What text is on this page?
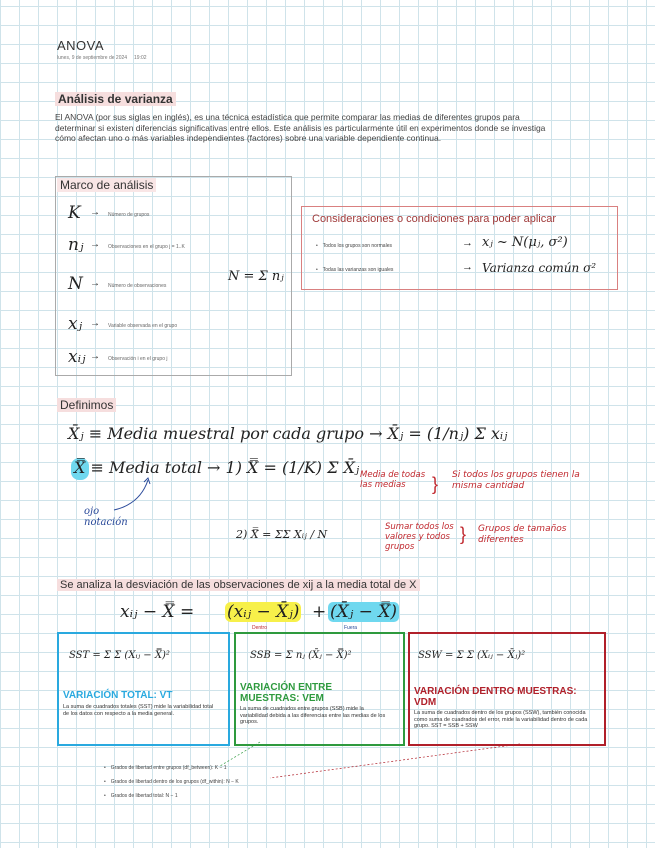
ANOVA
lunes, 9 de septiembre de 2024 19:02
Análisis de varianza
El ANOVA (por sus siglas en inglés), es una técnica estadística que permite comparar las medias de diferentes grupos para determinar si existen diferencias significativas entre ellos. Este análisis es particularmente útil en experimentos donde se investiga cómo afectan uno o más variables independientes (factores) sobre una variable dependiente continua.
Marco de análisis
K → Número de grupos
nⱼ → Observaciones en el grupo j = 1..K
N → Número de observaciones
N = Σ nⱼ
xⱼ → Variable observada en el grupo
xᵢⱼ → Observación i en el grupo j
Consideraciones o condiciones para poder aplicar
• Todos los grupos son normales	→ xⱼ ~ N(μⱼ, σ²)
• Todas las varianzas son iguales	→ Varianza común σ²
Definimos
X̄ⱼ ≡ Media muestral por cada grupo → X̄ⱼ = (1/nⱼ) Σ xᵢⱼ
X̿ ≡ Media total → 1) X̿ = (1/K) Σ X̄ⱼ Media de todas las medias	} Si todos los grupos tienen la misma cantidad
ojo notación
2) X̿ = ΣΣ Xᵢⱼ / N
Sumar todos los valores y todos grupos
} Grupos de tamaños diferentes
Se analiza la desviación de las observaciones de xij a la media total de X
xᵢⱼ − X̿ = (xᵢⱼ − X̄ⱼ) + (X̄ⱼ − X̿)
Dentro	Fuera
SST = Σ Σ (Xᵢⱼ − X̿)²
VARIACIÓN TOTAL: VT
La suma de cuadrados totales (SST) mide la variabilidad total de los datos con respecto a la media general.
SSB = Σ nⱼ (X̄ⱼ − X̿)²
VARIACIÓN ENTRE MUESTRAS: VEM
La suma de cuadrados entre grupos (SSB) mide la variabilidad debida a las diferencias entre las medias de los grupos.
SSW = Σ Σ (Xᵢⱼ − X̄ⱼ)²
VARIACIÓN DENTRO MUESTRAS: VDM
La suma de cuadrados dentro de los grupos (SSW), también conocida como suma de cuadrados del error, mide la variabilidad dentro de cada grupo. SST = SSB + SSW
• Grados de libertad entre grupos (df_between): K − 1
• Grados de libertad dentro de los grupos (df_within): N − K
• Grados de libertad total: N − 1
